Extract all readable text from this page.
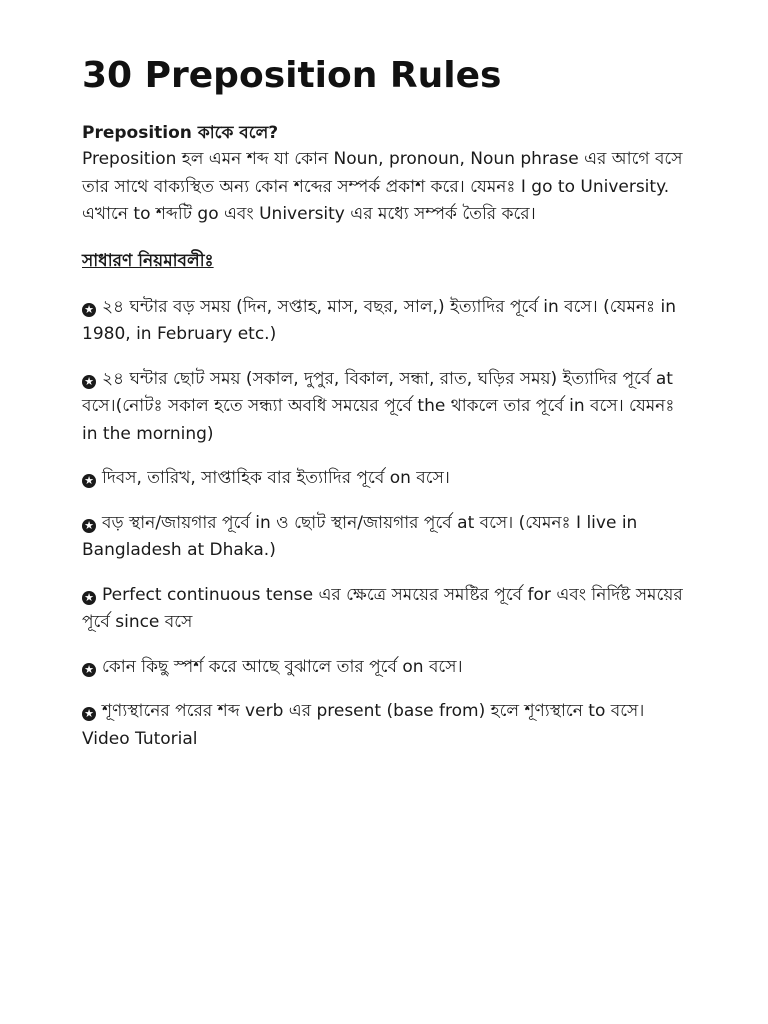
30 Preposition Rules

Preposition কাকে বলে?

Preposition হল এমন শব্দ যা কোন Noun, pronoun, Noun phrase এর আগে বসে তার সাথে বাক্যস্থিত অন্য কোন শব্দের সম্পর্ক প্রকাশ করে। যেমনঃ I go to University. এখানে to শব্দটি go এবং University এর মধ্যে সম্পর্ক তৈরি করে।

সাধারণ নিয়মাবলীঃ

★ ২৪ ঘন্টার বড় সময় (দিন, সপ্তাহ, মাস, বছর, সাল,) ইত্যাদির পূর্বে in বসে। (যেমনঃ in 1980, in February etc.)

★ ২৪ ঘন্টার ছোট সময় (সকাল, দুপুর, বিকাল, সন্ধা, রাত, ঘড়ির সময়) ইত্যাদির পূর্বে at বসে।(নোটঃ সকাল হতে সন্ধ্যা অবধি সময়ের পূর্বে the থাকলে তার পূর্বে in বসে। যেমনঃ in the morning)

★ দিবস, তারিখ, সাপ্তাহিক বার ইত্যাদির পূর্বে on বসে।

★ বড় স্থান/জায়গার পূর্বে in ও ছোট স্থান/জায়গার পূর্বে at বসে। (যেমনঃ I live in Bangladesh at Dhaka.)

★ Perfect continuous tense এর ক্ষেত্রে সময়ের সমষ্টির পূর্বে for এবং নির্দিষ্ট সময়ের পূর্বে since বসে

★ কোন কিছু স্পর্শ করে আছে বুঝালে তার পূর্বে on বসে।

★ শূণ্যস্থানের পরের শব্দ verb এর present (base from) হলে শূণ্যস্থানে to বসে।

Video Tutorial
